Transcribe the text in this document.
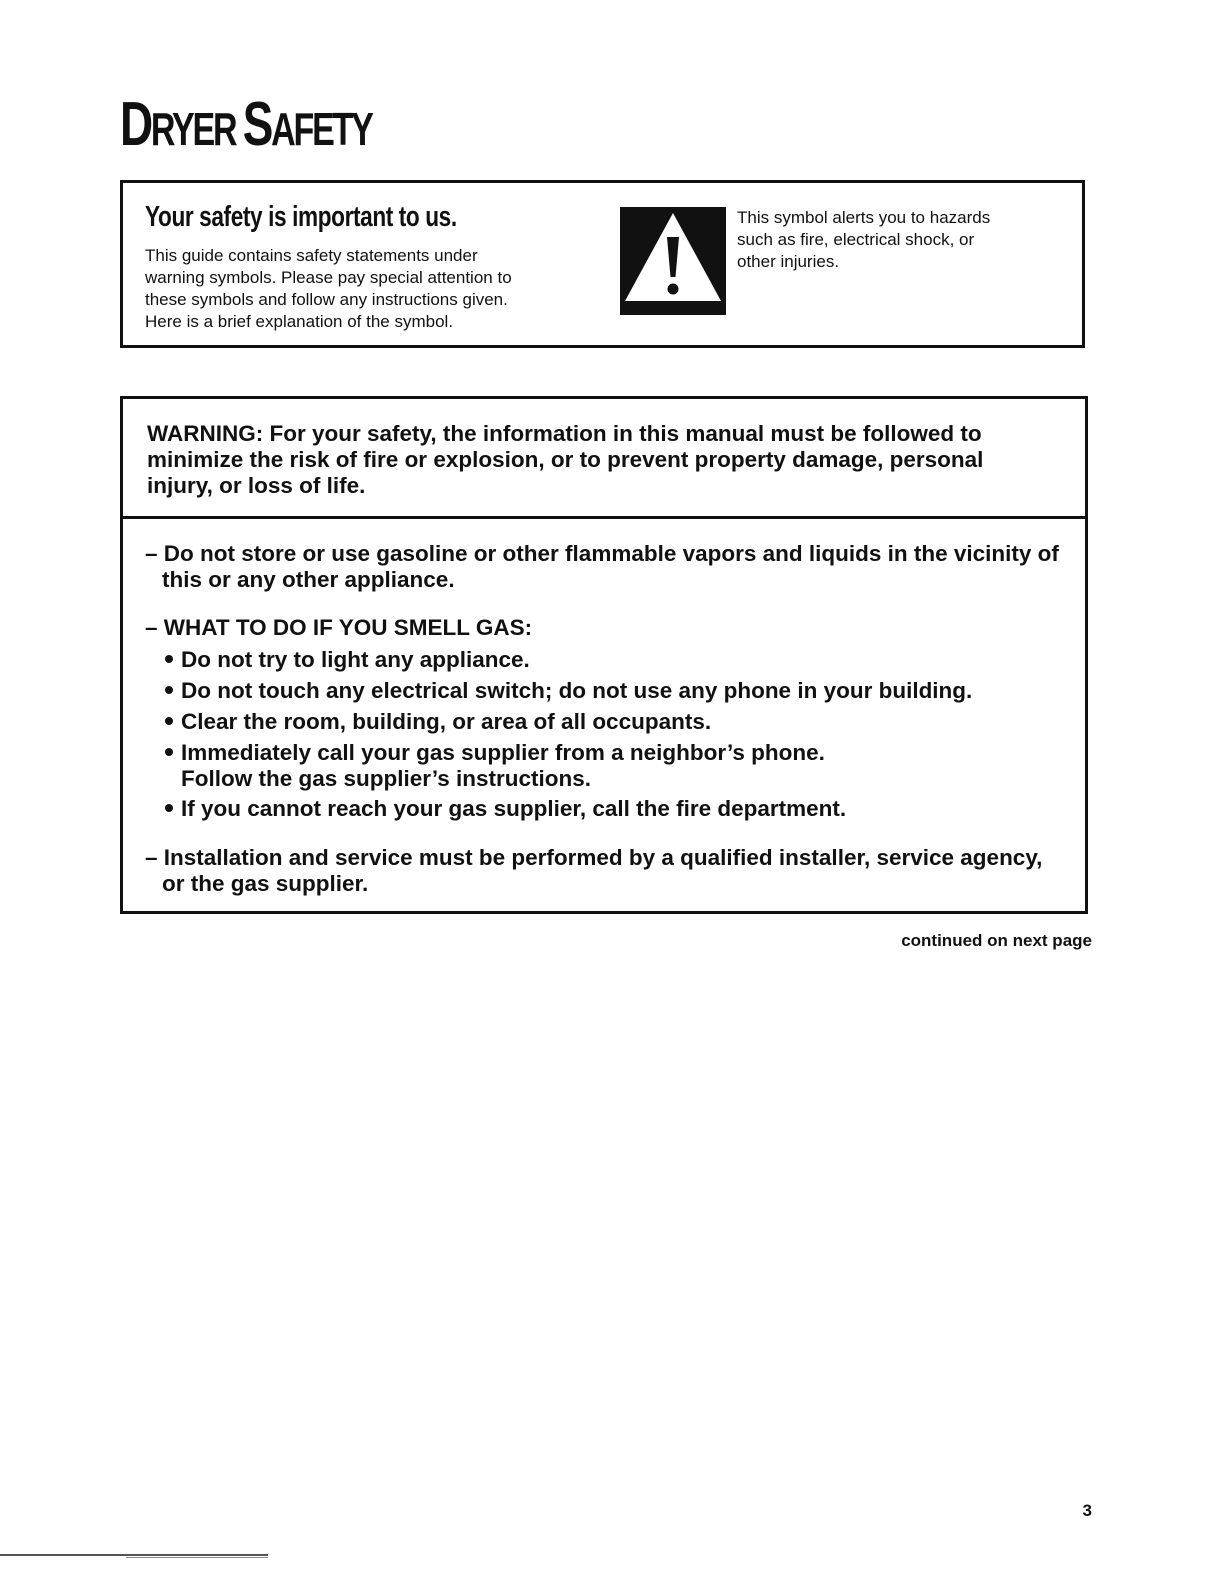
DRYER SAFETY
Your safety is important to us.

This guide contains safety statements under
warning symbols. Please pay special attention to
these symbols and follow any instructions given.
Here is a brief explanation of the symbol.

This symbol alerts you to hazards
such as fire, electrical shock, or
other injuries.

WARNING: For your safety, the information in this manual must be followed to
minimize the risk of fire or explosion, or to prevent property damage, personal
injury, or loss of life.

– Do not store or use gasoline or other flammable vapors and liquids in the vicinity of
this or any other appliance.

– WHAT TO DO IF YOU SMELL GAS:

Do not try to light any appliance.

Do not touch any electrical switch; do not use any phone in your building.

Clear the room, building, or area of all occupants.

Immediately call your gas supplier from a neighbor’s phone.
Follow the gas supplier’s instructions.

If you cannot reach your gas supplier, call the fire department.

– Installation and service must be performed by a qualified installer, service agency,
or the gas supplier.

continued on next page

3
